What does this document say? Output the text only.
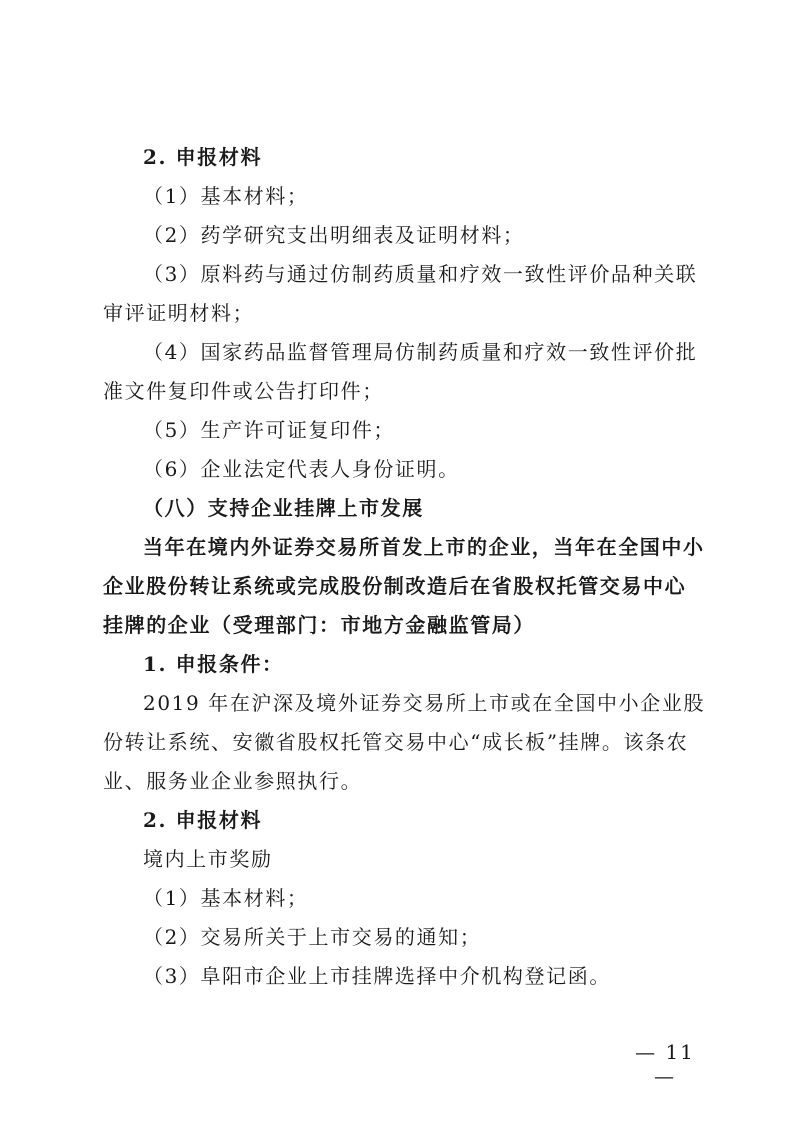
2. 申报材料
（1）基本材料；
（2）药学研究支出明细表及证明材料；
（3）原料药与通过仿制药质量和疗效一致性评价品种关联
审评证明材料；
（4）国家药品监督管理局仿制药质量和疗效一致性评价批
准文件复印件或公告打印件；
（5）生产许可证复印件；
（6）企业法定代表人身份证明。
（八）支持企业挂牌上市发展
当年在境内外证券交易所首发上市的企业，当年在全国中小
企业股份转让系统或完成股份制改造后在省股权托管交易中心
挂牌的企业（受理部门：市地方金融监管局）
1. 申报条件：
2019 年在沪深及境外证券交易所上市或在全国中小企业股
份转让系统、安徽省股权托管交易中心“成长板”挂牌。该条农
业、服务业企业参照执行。
2. 申报材料
境内上市奖励
（1）基本材料；
（2）交易所关于上市交易的通知；
（3）阜阳市企业上市挂牌选择中介机构登记函。
— 11 —
